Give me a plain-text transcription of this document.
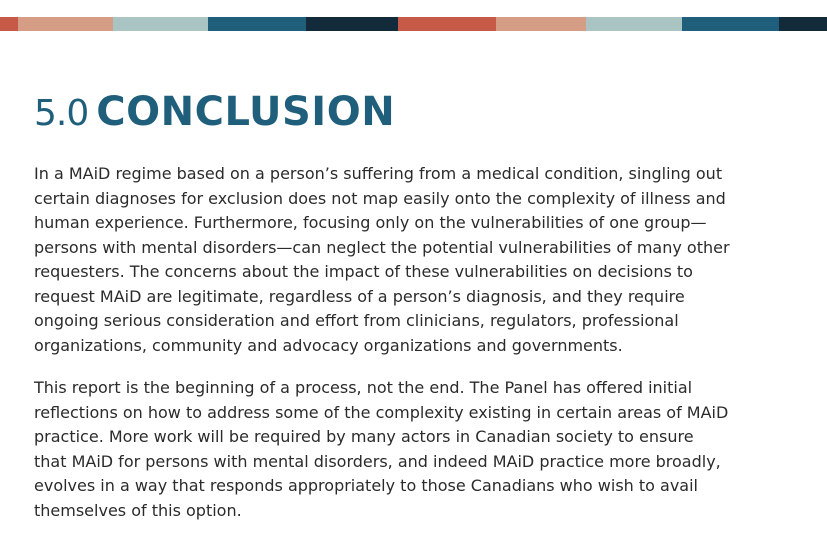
5.0 CONCLUSION

In a MAiD regime based on a person’s suffering from a medical condition, singling out
certain diagnoses for exclusion does not map easily onto the complexity of illness and
human experience. Furthermore, focusing only on the vulnerabilities of one group—
persons with mental disorders—can neglect the potential vulnerabilities of many other
requesters. The concerns about the impact of these vulnerabilities on decisions to
request MAiD are legitimate, regardless of a person’s diagnosis, and they require
ongoing serious consideration and effort from clinicians, regulators, professional
organizations, community and advocacy organizations and governments.

This report is the beginning of a process, not the end. The Panel has offered initial
reflections on how to address some of the complexity existing in certain areas of MAiD
practice. More work will be required by many actors in Canadian society to ensure
that MAiD for persons with mental disorders, and indeed MAiD practice more broadly,
evolves in a way that responds appropriately to those Canadians who wish to avail
themselves of this option.
